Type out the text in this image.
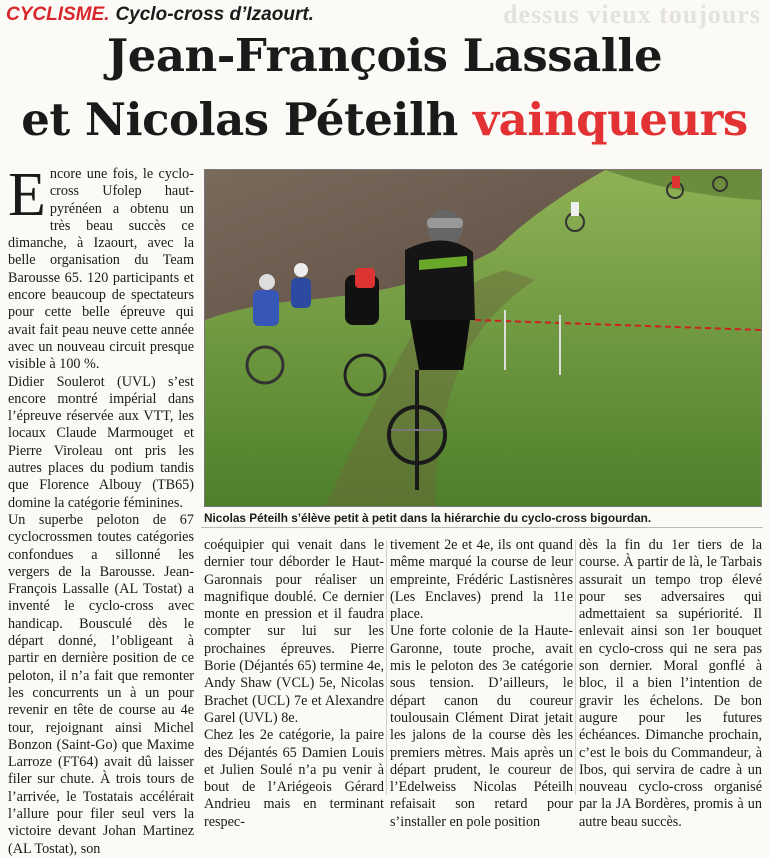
dessus vieux toujours
CYCLISME. Cyclo-cross d’Izaourt.
Jean-François Lassalle
et Nicolas Péteilh vainqueurs

Encore une fois, le cyclo-cross Ufolep haut-pyrénéen a obtenu un très beau succès ce dimanche, à Izaourt, avec la belle organisation du Team Barousse 65. 120 participants et encore beaucoup de spectateurs pour cette belle épreuve qui avait fait peau neuve cette année avec un nouveau circuit presque visible à 100 %.

Didier Soulerot (UVL) s’est encore montré impérial dans l’épreuve réservée aux VTT, les locaux Claude Marmouget et Pierre Viroleau ont pris les autres places du podium tandis que Florence Albouy (TB65) domine la catégorie féminines.

Un superbe peloton de 67 cyclocrossmen toutes catégories confondues a sillonné les vergers de la Barousse. Jean-François Lassalle (AL Tostat) a inventé le cyclo-cross avec handicap. Bousculé dès le départ donné, l’obligeant à partir en dernière position de ce peloton, il n’a fait que remonter les concurrents un à un pour revenir en tête de course au 4e tour, rejoignant ainsi Michel Bonzon (Saint-Go) que Maxime Larroze (FT64) avait dû laisser filer sur chute. À trois tours de l’arrivée, le Tostatais accélérait l’allure pour filer seul vers la victoire devant Johan Martinez (AL Tostat), son

Nicolas Péteilh s’élève petit à petit dans la hiérarchie du cyclo-cross bigourdan.

coéquipier qui venait dans le dernier tour déborder le Haut-Garonnais pour réaliser un magnifique doublé. Ce dernier monte en pression et il faudra compter sur lui sur les prochaines épreuves. Pierre Borie (Déjantés 65) termine 4e, Andy Shaw (VCL) 5e, Nicolas Brachet (UCL) 7e et Alexandre Garel (UVL) 8e.

Chez les 2e catégorie, la paire des Déjantés 65 Damien Louis et Julien Soulé n’a pu venir à bout de l’Ariégeois Gérard Andrieu mais en terminant respec-

tivement 2e et 4e, ils ont quand même marqué la course de leur empreinte, Frédéric Lastisnères (Les Enclaves) prend la 11e place.

Une forte colonie de la Haute-Garonne, toute proche, avait mis le peloton des 3e catégorie sous tension. D’ailleurs, le départ canon du coureur toulousain Clément Dirat jetait les jalons de la course dès les premiers mètres. Mais après un départ prudent, le coureur de l’Edelweiss Nicolas Péteilh refaisait son retard pour s’installer en pole position

dès la fin du 1er tiers de la course. À partir de là, le Tarbais assurait un tempo trop élevé pour ses adversaires qui admettaient sa supériorité. Il enlevait ainsi son 1er bouquet en cyclo-cross qui ne sera pas son dernier. Moral gonflé à bloc, il a bien l’intention de gravir les échelons. De bon augure pour les futures échéances. Dimanche prochain, c’est le bois du Commandeur, à Ibos, qui servira de cadre à un nouveau cyclo-cross organisé par la JA Bordères, promis à un autre beau succès.
